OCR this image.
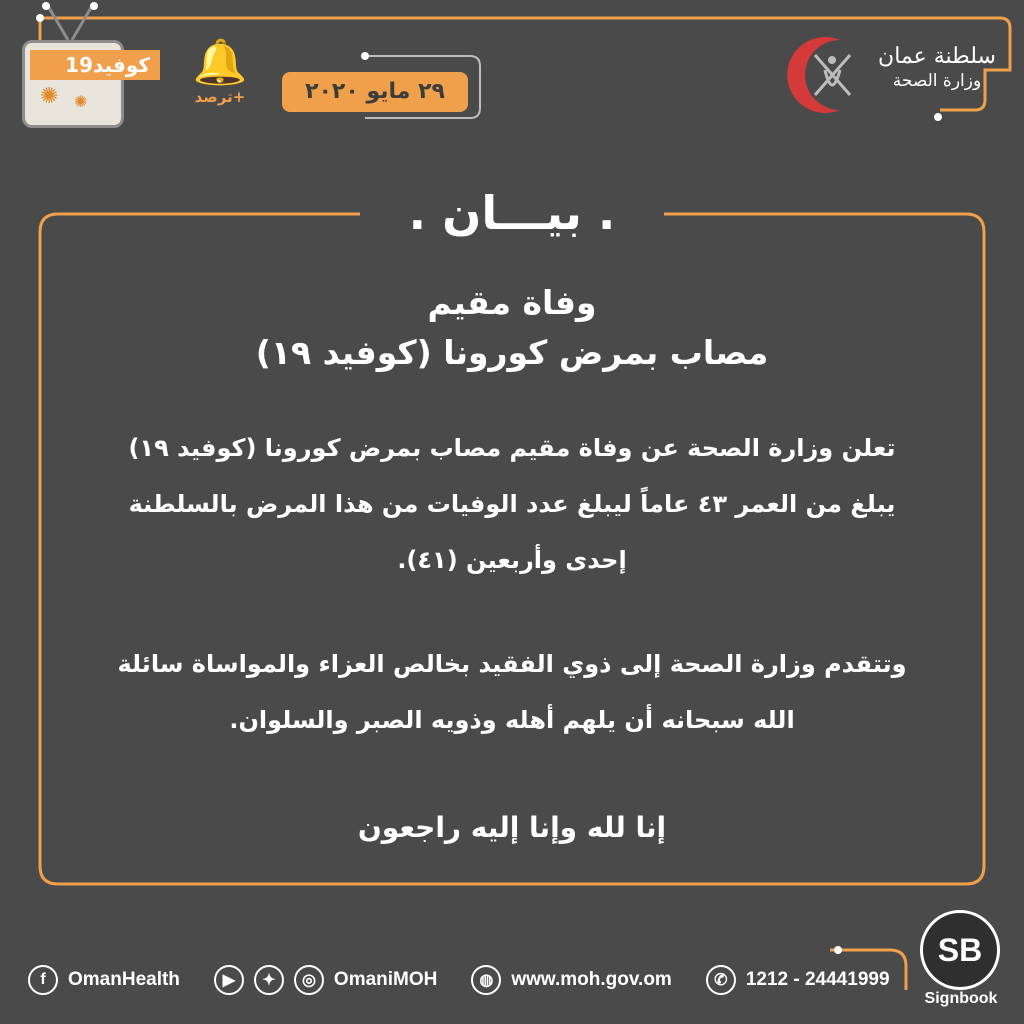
كوفيد19
✺ ✺
🔔
ترصد+	٢٩ مايو ٢٠٢٠
سلطنة عمان
وزارة الصحة
. بيـــان .
وفاة مقيم
مصاب بمرض كورونا (كوفيد ١٩)
تعلن وزارة الصحة عن وفاة مقيم مصاب بمرض كورونا (كوفيد ١٩)
يبلغ من العمر ٤٣ عاماً ليبلغ عدد الوفيات من هذا المرض بالسلطنة
إحدى وأربعين (٤١).
وتتقدم وزارة الصحة إلى ذوي الفقيد بخالص العزاء والمواساة سائلة
الله سبحانه أن يلهم أهله وذويه الصبر والسلوان.
إنا لله وإنا إليه راجعون
f	OmanHealth	▶	✦	◎ OmaniMOH	◍ www.moh.gov.om	✆ 1212 - 24441999
SB
Signbook
